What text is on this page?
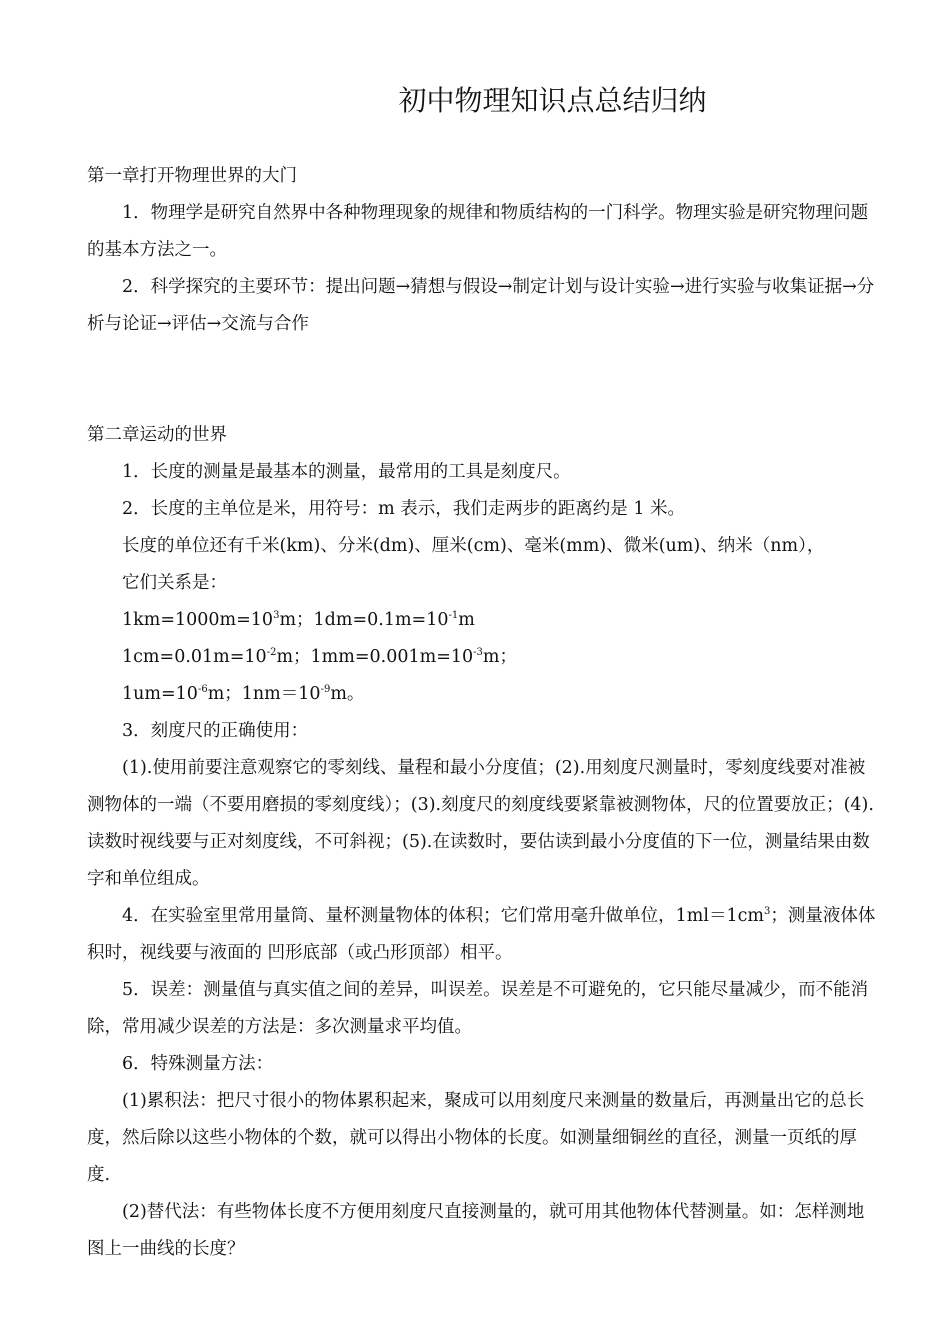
初中物理知识点总结归纳

第一章打开物理世界的大门

1．物理学是研究自然界中各种物理现象的规律和物质结构的一门科学。物理实验是研究物理问题的基本方法之一。

2．科学探究的主要环节：提出问题→猜想与假设→制定计划与设计实验→进行实验与收集证据→分析与论证→评估→交流与合作

第二章运动的世界

1．长度的测量是最基本的测量，最常用的工具是刻度尺。

2．长度的主单位是米，用符号：m 表示，我们走两步的距离约是 1 米。

长度的单位还有千米(km)、分米(dm)、厘米(cm)、毫米(mm)、微米(um)、纳米（nm），

它们关系是：

$1km=1000m=10^3m$；$1dm=0.1m=10^{-1}m$

$1cm=0.01m=10^{-2}m$；$1mm=0.001m=10^{-3}m$；

$1um=10^{-6}m$；$1nm=10^{-9}m$。

3．刻度尺的正确使用：

(1).使用前要注意观察它的零刻线、量程和最小分度值；(2).用刻度尺测量时，零刻度线要对准被测物体的一端（不要用磨损的零刻度线）；(3).刻度尺的刻度线要紧靠被测物体，尺的位置要放正；(4).读数时视线要与正对刻度线，不可斜视；(5).在读数时，要估读到最小分度值的下一位，测量结果由数字和单位组成。

4．在实验室里常用量筒、量杯测量物体的体积；它们常用毫升做单位，$1ml=1cm^3$；测量液体体积时，视线要与液面的 凹形底部（或凸形顶部）相平。

5．误差：测量值与真实值之间的差异，叫误差。误差是不可避免的，它只能尽量减少，而不能消除，常用减少误差的方法是：多次测量求平均值。

6．特殊测量方法：

(1)累积法：把尺寸很小的物体累积起来，聚成可以用刻度尺来测量的数量后，再测量出它的总长度，然后除以这些小物体的个数，就可以得出小物体的长度。如测量细铜丝的直径，测量一页纸的厚度.

(2)替代法：有些物体长度不方便用刻度尺直接测量的，就可用其他物体代替测量。如：怎样测地图上一曲线的长度？
